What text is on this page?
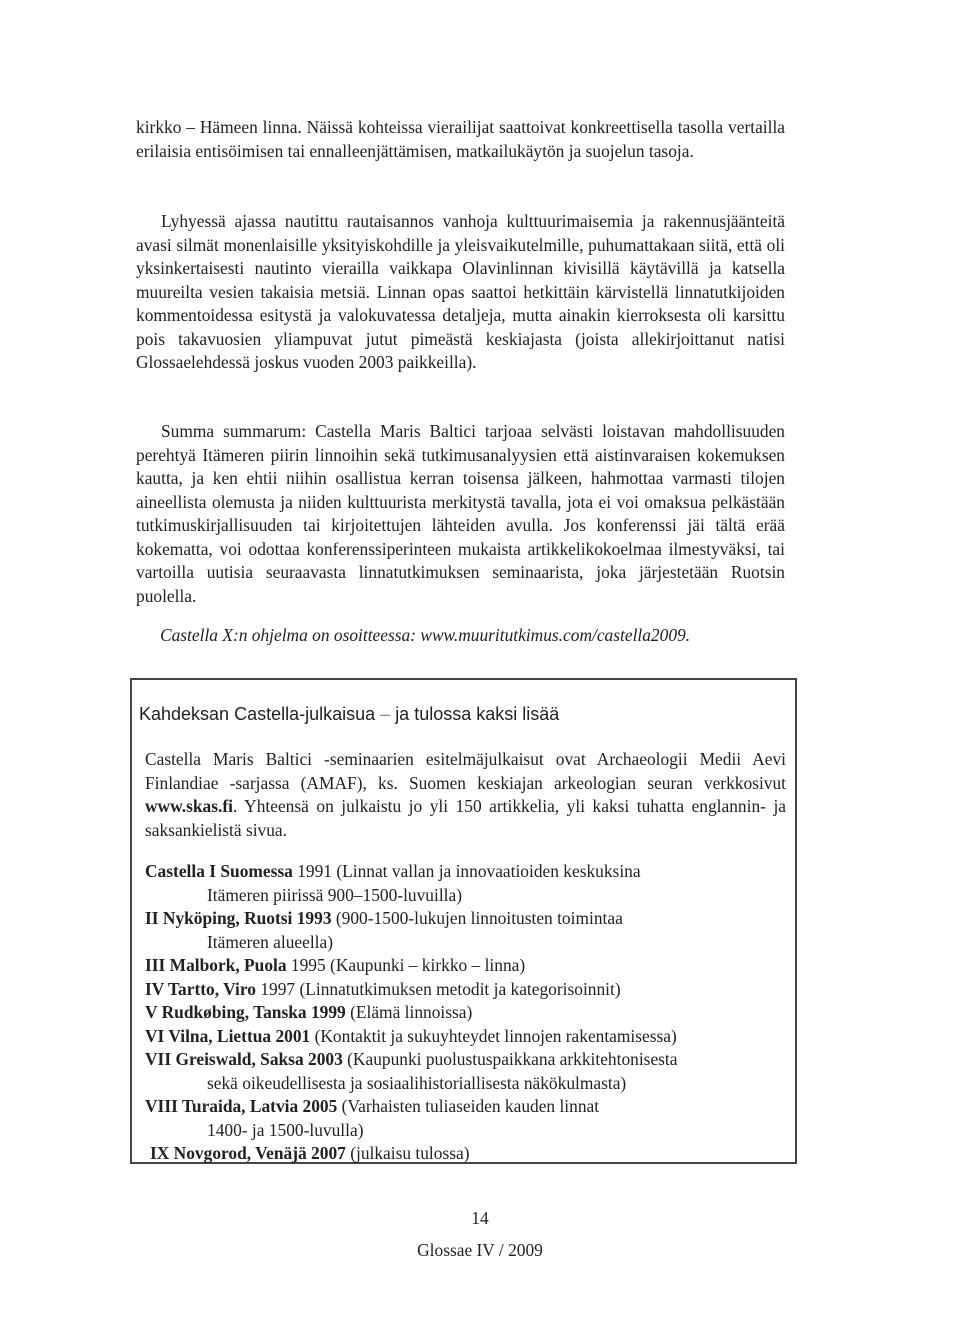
kirkko – Hämeen linna. Näissä kohteissa vierailijat saattoivat konkreettisella tasolla vertailla erilaisia entisöimisen tai ennalleenjättämisen, matkailukäytön ja suojelun tasoja.

Lyhyessä ajassa nautittu rautaisannos vanhoja kulttuurimaisemia ja rakennusjäänteitä avasi silmät monenlaisille yksityiskohdille ja yleisvaikutelmille, puhumattakaan siitä, että oli yksinkertaisesti nautinto vierailla vaikkapa Olavinlinnan kivisillä käytävillä ja katsella muureilta vesien takaisia metsiä. Linnan opas saattoi hetkittäin kärvistellä linnatutkijoiden kommentoidessa esitystä ja valokuvatessa detaljeja, mutta ainakin kierroksesta oli karsittu pois takavuosien yliampuvat jutut pimeästä keskiajasta (joista allekirjoittanut natisi Glossaelehdessä joskus vuoden 2003 paikkeilla).

Summa summarum: Castella Maris Baltici tarjoaa selvästi loistavan mahdollisuuden perehtyä Itämeren piirin linnoihin sekä tutkimusanalyysien että aistinvaraisen kokemuksen kautta, ja ken ehtii niihin osallistua kerran toisensa jälkeen, hahmottaa varmasti tilojen aineellista olemusta ja niiden kulttuurista merkitystä tavalla, jota ei voi omaksua pelkästään tutkimuskirjallisuuden tai kirjoitettujen lähteiden avulla. Jos konferenssi jäi tältä erää kokematta, voi odottaa konferenssiperinteen mukaista artikkelikokoelmaa ilmestyväksi, tai vartoilla uutisia seuraavasta linnatutkimuksen seminaarista, joka järjestetään Ruotsin puolella.

Castella X:n ohjelma on osoitteessa: www.muuritutkimus.com/castella2009.

Kahdeksan Castella-julkaisua – ja tulossa kaksi lisää

Castella Maris Baltici -seminaarien esitelmäjulkaisut ovat Archaeologii Medii Aevi Finlandiae -sarjassa (AMAF), ks. Suomen keskiajan arkeologian seuran verkkosivut www.skas.fi. Yhteensä on julkaistu jo yli 150 artikkelia, yli kaksi tuhatta englannin- ja saksankielistä sivua.

Castella I Suomessa 1991 (Linnat vallan ja innovaatioiden keskuksina
Itämeren piirissä 900–1500-luvuilla)
II Nyköping, Ruotsi 1993 (900-1500-lukujen linnoitusten toimintaa
Itämeren alueella)
III Malbork, Puola 1995 (Kaupunki – kirkko – linna)
IV Tartto, Viro 1997 (Linnatutkimuksen metodit ja kategorisoinnit)
V Rudkøbing, Tanska 1999 (Elämä linnoissa)
VI Vilna, Liettua 2001 (Kontaktit ja sukuyhteydet linnojen rakentamisessa)
VII Greiswald, Saksa 2003 (Kaupunki puolustuspaikkana arkkitehtonisesta
sekä oikeudellisesta ja sosiaalihistoriallisesta näkökulmasta)
VIII Turaida, Latvia 2005 (Varhaisten tuliaseiden kauden linnat
1400- ja 1500-luvulla)
IX Novgorod, Venäjä 2007 (julkaisu tulossa)

14

Glossae IV / 2009
